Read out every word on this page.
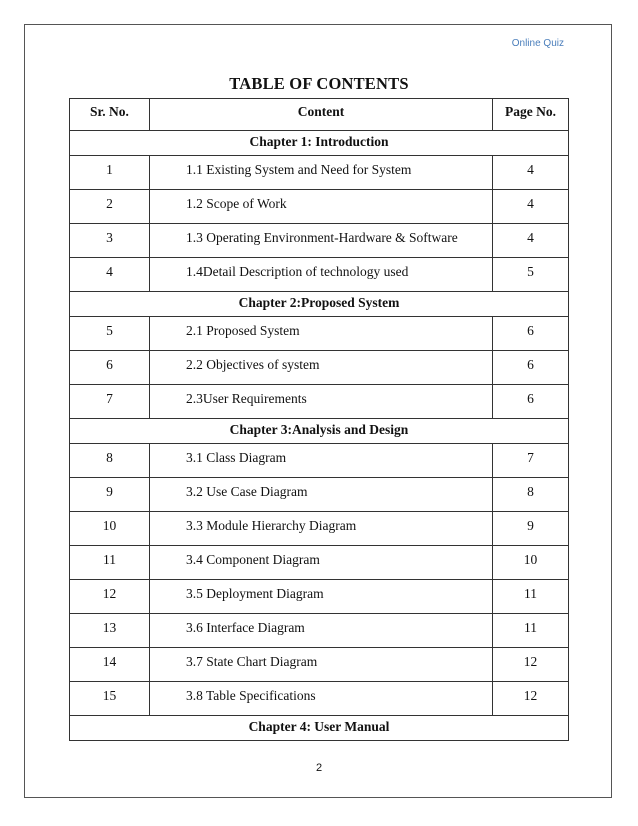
Online Quiz
TABLE OF CONTENTS
Sr. No.	Content	Page No.
Chapter 1: Introduction		
1	1.1 Existing System and Need for System	4
2	1.2 Scope of Work	4
3	1.3 Operating Environment-Hardware & Software	4
4	1.4Detail Description of technology used	5
Chapter 2:Proposed System		
5	2.1 Proposed System	6
6	2.2 Objectives of system	6
7	2.3User Requirements	6
Chapter 3:Analysis and Design		
8	3.1 Class Diagram	7
9	3.2 Use Case Diagram	8
10	3.3 Module Hierarchy Diagram	9
11	3.4 Component Diagram	10
12	3.5 Deployment Diagram	11
13	3.6 Interface Diagram	11
14	3.7 State Chart Diagram	12
15	3.8 Table Specifications	12
Chapter 4: User Manual		
2
